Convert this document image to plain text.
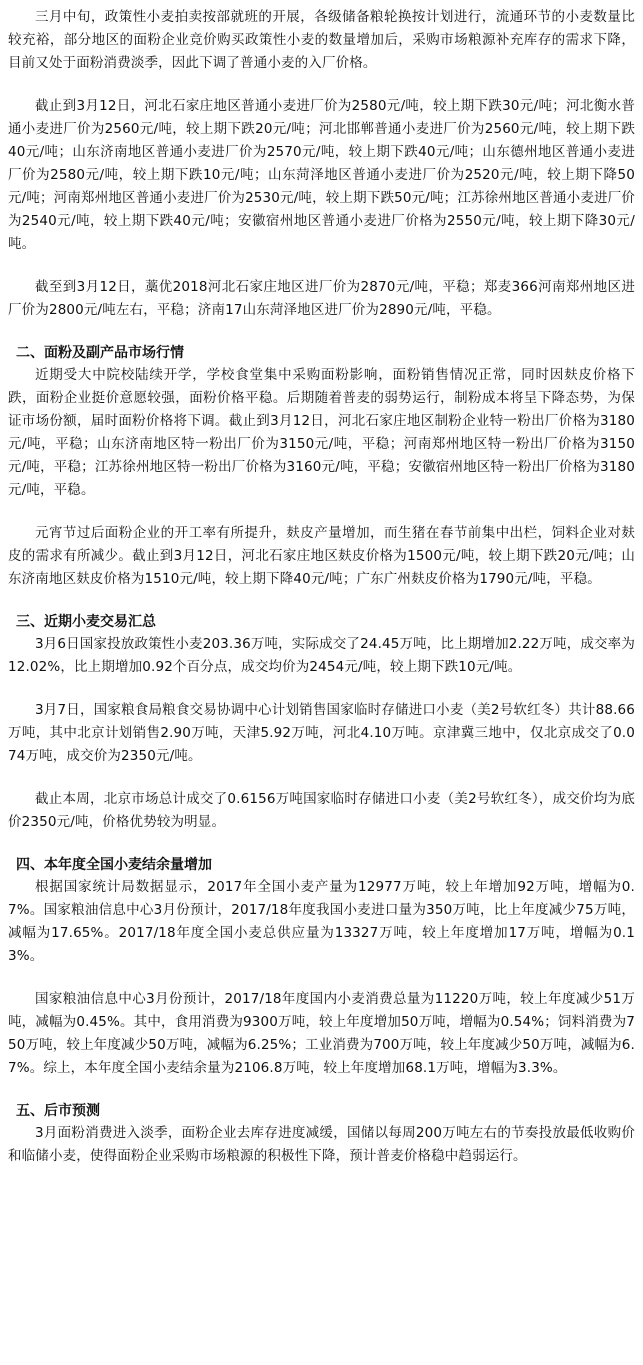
三月中旬，政策性小麦拍卖按部就班的开展，各级储备粮轮换按计划进行，流通环节的小麦数量比较充裕，部分地区的面粉企业竞价购买政策性小麦的数量增加后，采购市场粮源补充库存的需求下降，目前又处于面粉消费淡季，因此下调了普通小麦的入厂价格。

截止到3月12日，河北石家庄地区普通小麦进厂价为2580元/吨，较上期下跌30元/吨；河北衡水普通小麦进厂价为2560元/吨，较上期下跌20元/吨；河北邯郸普通小麦进厂价为2560元/吨，较上期下跌40元/吨；山东济南地区普通小麦进厂价为2570元/吨，较上期下跌40元/吨；山东德州地区普通小麦进厂价为2580元/吨，较上期下跌10元/吨；山东菏泽地区普通小麦进厂价为2520元/吨，较上期下降50元/吨；河南郑州地区普通小麦进厂价为2530元/吨，较上期下跌50元/吨；江苏徐州地区普通小麦进厂价为2540元/吨，较上期下跌40元/吨；安徽宿州地区普通小麦进厂价格为2550元/吨，较上期下降30元/吨。

截至到3月12日，藁优2018河北石家庄地区进厂价为2870元/吨，平稳；郑麦366河南郑州地区进厂价为2800元/吨左右，平稳；济南17山东菏泽地区进厂价为2890元/吨，平稳。

二、面粉及副产品市场行情

近期受大中院校陆续开学，学校食堂集中采购面粉影响，面粉销售情况正常，同时因麸皮价格下跌，面粉企业挺价意愿较强，面粉价格平稳。后期随着普麦的弱势运行，制粉成本将呈下降态势，为保证市场份额，届时面粉价格将下调。截止到3月12日，河北石家庄地区制粉企业特一粉出厂价格为3180元/吨，平稳；山东济南地区特一粉出厂价为3150元/吨，平稳；河南郑州地区特一粉出厂价格为3150元/吨，平稳；江苏徐州地区特一粉出厂价格为3160元/吨，平稳；安徽宿州地区特一粉出厂价格为3180元/吨，平稳。

元宵节过后面粉企业的开工率有所提升，麸皮产量增加，而生猪在春节前集中出栏，饲料企业对麸皮的需求有所减少。截止到3月12日，河北石家庄地区麸皮价格为1500元/吨，较上期下跌20元/吨；山东济南地区麸皮价格为1510元/吨，较上期下降40元/吨；广东广州麸皮价格为1790元/吨，平稳。

三、近期小麦交易汇总

3月6日国家投放政策性小麦203.36万吨，实际成交了24.45万吨，比上期增加2.22万吨，成交率为12.02%，比上期增加0.92个百分点，成交均价为2454元/吨，较上期下跌10元/吨。

3月7日，国家粮食局粮食交易协调中心计划销售国家临时存储进口小麦（美2号软红冬）共计88.66万吨，其中北京计划销售2.90万吨，天津5.92万吨，河北4.10万吨。京津冀三地中，仅北京成交了0.074万吨，成交价为2350元/吨。

截止本周，北京市场总计成交了0.6156万吨国家临时存储进口小麦（美2号软红冬），成交价均为底价2350元/吨，价格优势较为明显。

四、本年度全国小麦结余量增加

根据国家统计局数据显示，2017年全国小麦产量为12977万吨，较上年增加92万吨，增幅为0.7%。国家粮油信息中心3月份预计，2017/18年度我国小麦进口量为350万吨，比上年度减少75万吨，减幅为17.65%。2017/18年度全国小麦总供应量为13327万吨，较上年度增加17万吨，增幅为0.13%。

国家粮油信息中心3月份预计，2017/18年度国内小麦消费总量为11220万吨，较上年度减少51万吨，减幅为0.45%。其中，食用消费为9300万吨，较上年度增加50万吨，增幅为0.54%；饲料消费为750万吨，较上年度减少50万吨，减幅为6.25%；工业消费为700万吨，较上年度减少50万吨，减幅为6.7%。综上，本年度全国小麦结余量为2106.8万吨，较上年度增加68.1万吨，增幅为3.3%。

五、后市预测

3月面粉消费进入淡季，面粉企业去库存进度减缓，国储以每周200万吨左右的节奏投放最低收购价和临储小麦，使得面粉企业采购市场粮源的积极性下降，预计普麦价格稳中趋弱运行。
